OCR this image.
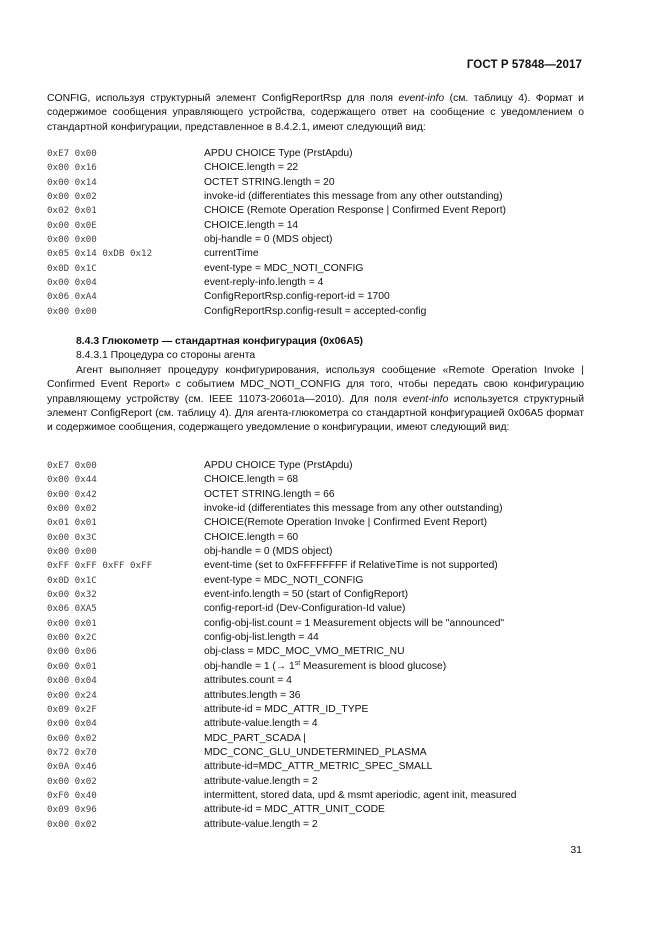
ГОСТ Р 57848—2017
CONFIG, используя структурный элемент ConfigReportRsp для поля event-info (см. таблицу 4). Формат и содержимое сообщения управляющего устройства, содержащего ответ на сообщение с уведомлением о стандартной конфигурации, представленное в 8.4.2.1, имеют следующий вид:
0xE7 0x00	APDU CHOICE Type (PrstApdu)
0x00 0x16	CHOICE.length = 22
0x00 0x14	OCTET STRING.length = 20
0x00 0x02	invoke-id (differentiates this message from any other outstanding)
0x02 0x01	CHOICE (Remote Operation Response | Confirmed Event Report)
0x00 0x0E	CHOICE.length = 14
0x00 0x00	obj-handle = 0 (MDS object)
0x05 0x14 0xDB 0x12	currentTime
0x0D 0x1C	event-type = MDC_NOTI_CONFIG
0x00 0x04	event-reply-info.length = 4
0x06 0xA4	ConfigReportRsp.config-report-id = 1700
0x00 0x00	ConfigReportRsp.config-result = accepted-config
8.4.3 Глюкометр — стандартная конфигурация (0x06A5)
8.4.3.1 Процедура со стороны агента
Агент выполняет процедуру конфигурирования, используя сообщение «Remote Operation Invoke | Confirmed Event Report» с событием MDC_NOTI_CONFIG для того, чтобы передать свою конфигурацию управляющему устройству (см. IEEE 11073-20601a—2010). Для поля event-info используется структурный элемент ConfigReport (см. таблицу 4). Для агента-глюкометра со стандартной конфигурацией 0x06A5 формат и содержимое сообщения, содержащего уведомление о конфигурации, имеют следующий вид:
0xE7 0x00	APDU CHOICE Type (PrstApdu)
0x00 0x44	CHOICE.length = 68
0x00 0x42	OCTET STRING.length = 66
0x00 0x02	invoke-id (differentiates this message from any other outstanding)
0x01 0x01	CHOICE(Remote Operation Invoke | Confirmed Event Report)
0x00 0x3C	CHOICE.length = 60
0x00 0x00	obj-handle = 0 (MDS object)
0xFF 0xFF 0xFF 0xFF	event-time (set to 0xFFFFFFFF if RelativeTime is not supported)
0x0D 0x1C	event-type = MDC_NOTI_CONFIG
0x00 0x32	event-info.length = 50 (start of ConfigReport)
0x06 0XA5	config-report-id (Dev-Configuration-Id value)
0x00 0x01	config-obj-list.count = 1 Measurement objects will be "announced"
0x00 0x2C	config-obj-list.length = 44
0x00 0x06	obj-class = MDC_MOC_VMO_METRIC_NU
0x00 0x01	obj-handle = 1 (→ 1st Measurement is blood glucose)
0x00 0x04	attributes.count = 4
0x00 0x24	attributes.length = 36
0x09 0x2F	attribute-id = MDC_ATTR_ID_TYPE
0x00 0x04	attribute-value.length = 4
0x00 0x02	MDC_PART_SCADA |
0x72 0x70	MDC_CONC_GLU_UNDETERMINED_PLASMA
0x0A 0x46	attribute-id=MDC_ATTR_METRIC_SPEC_SMALL
0x00 0x02	attribute-value.length = 2
0xF0 0x40	intermittent, stored data, upd & msmt aperiodic, agent init, measured
0x09 0x96	attribute-id = MDC_ATTR_UNIT_CODE
0x00 0x02	attribute-value.length = 2
31
